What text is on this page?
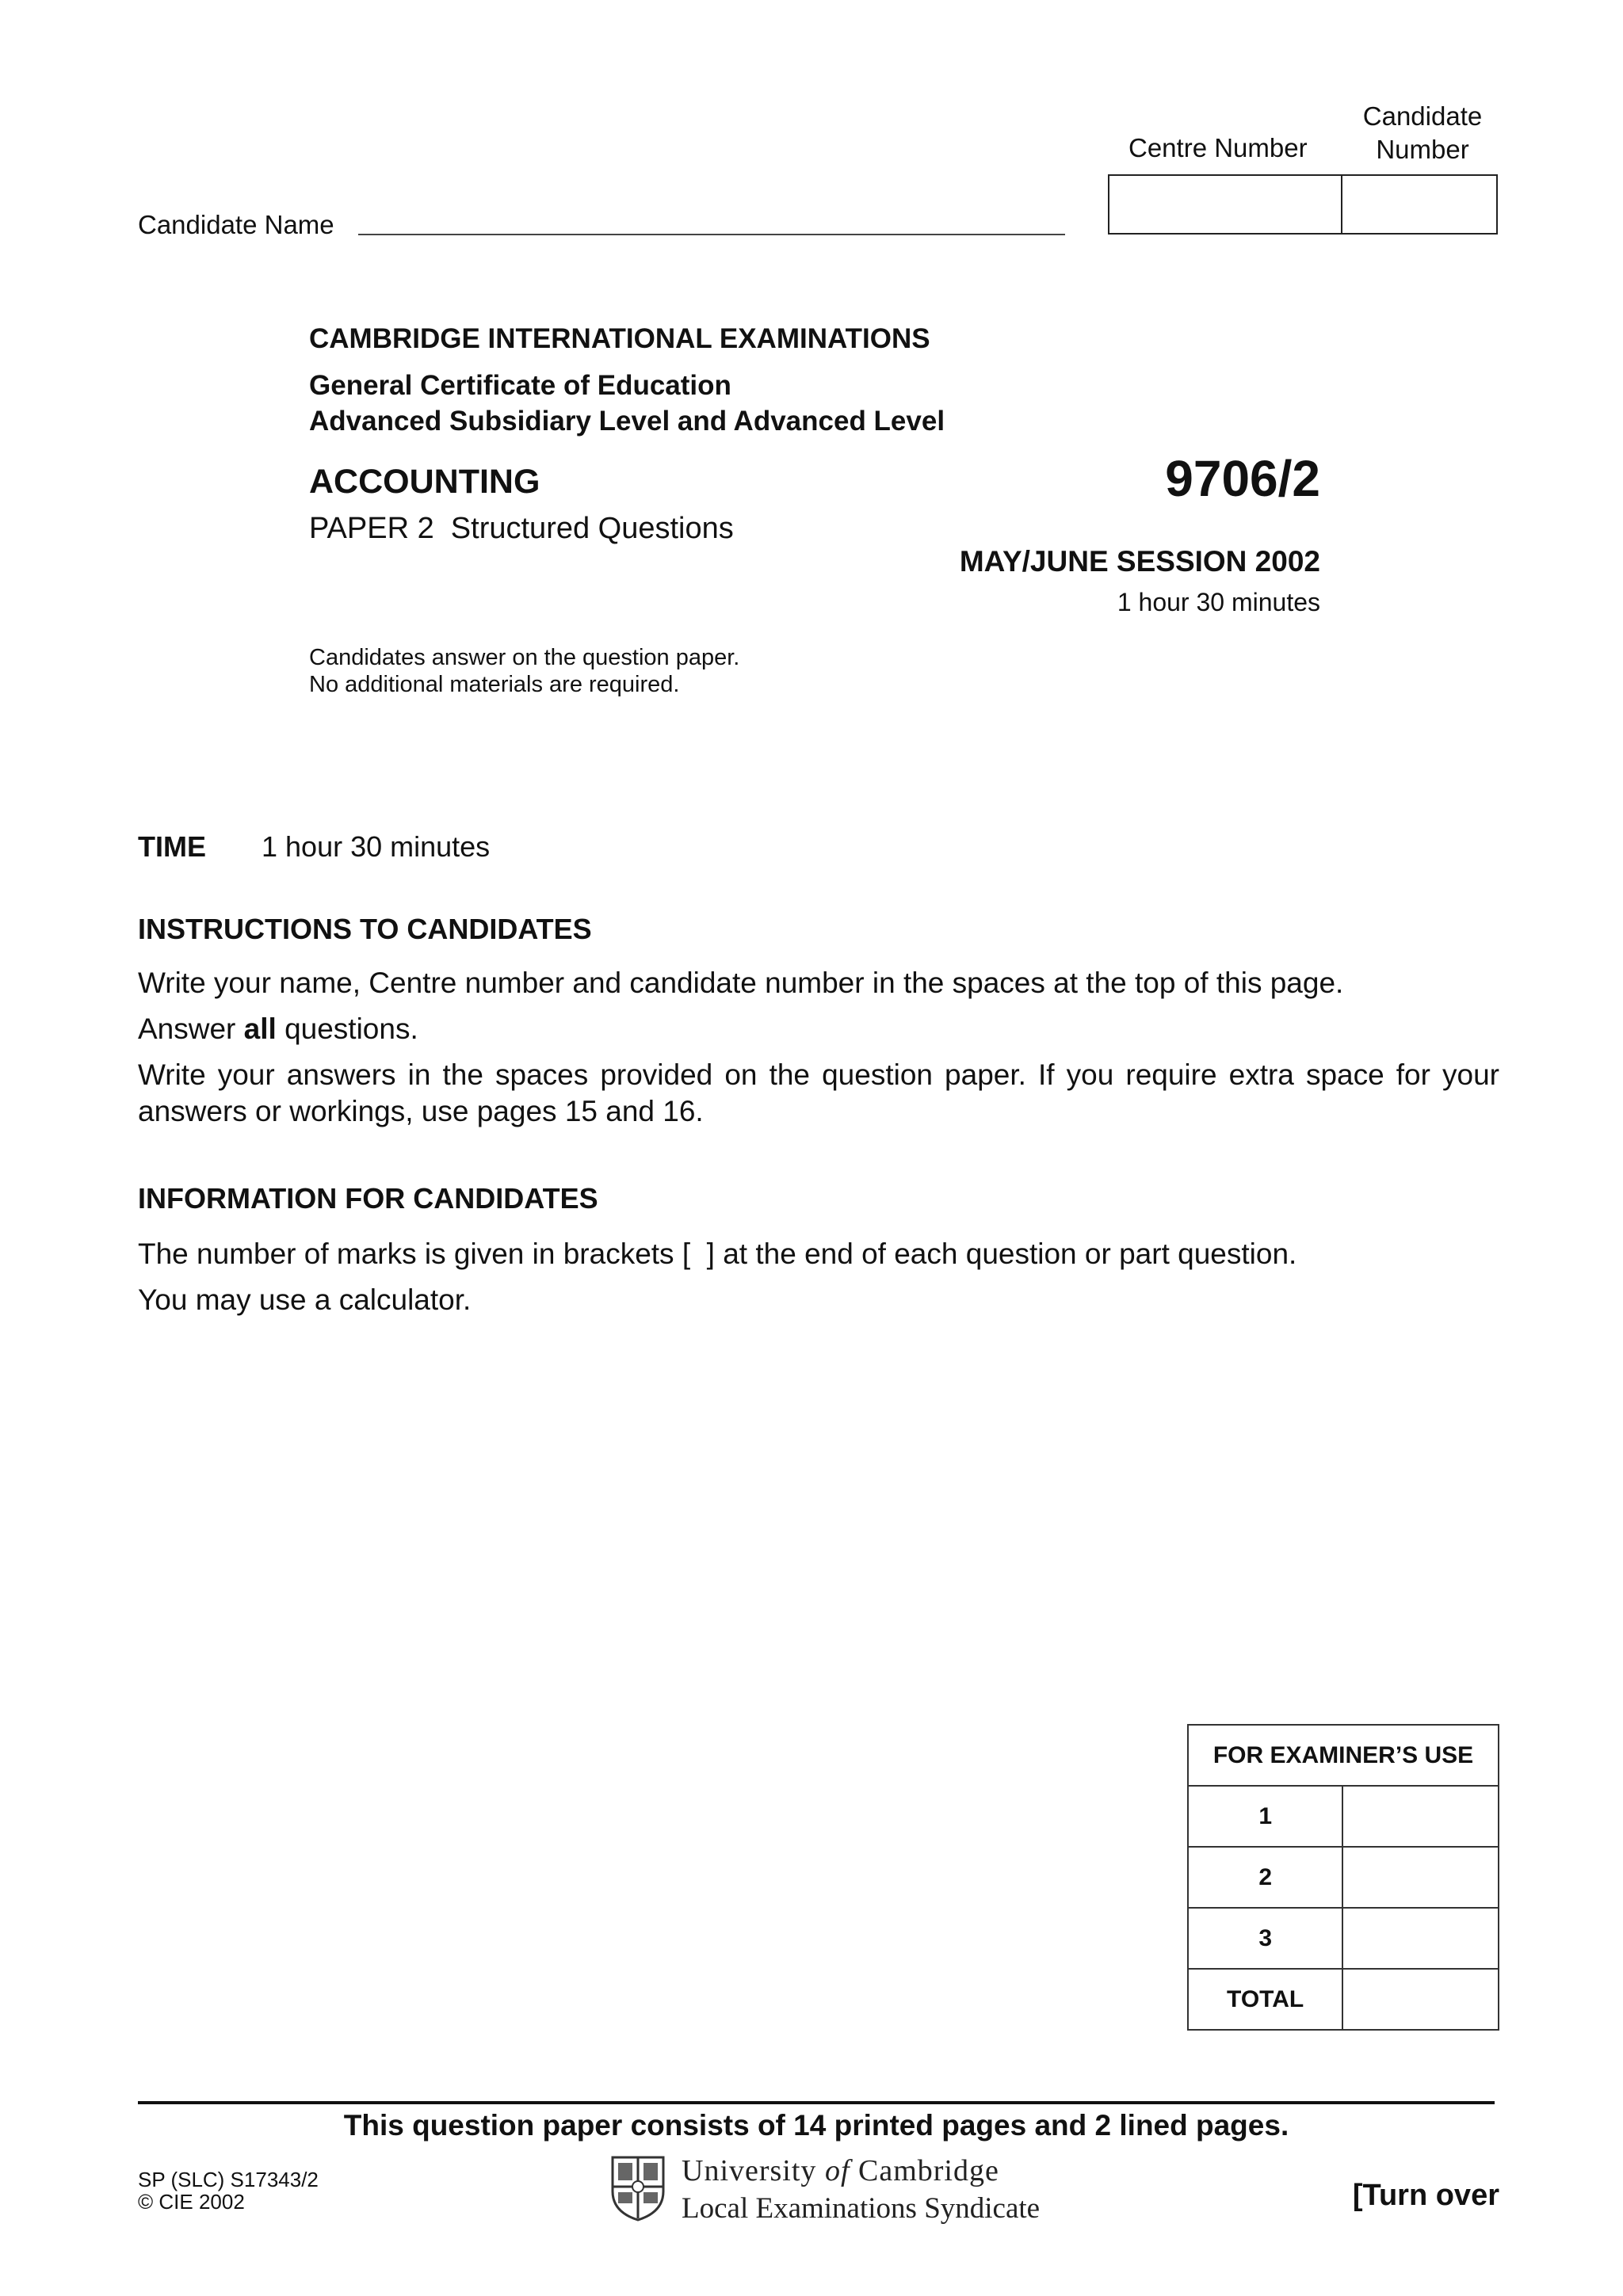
Centre Number
Candidate
Number
Candidate Name
CAMBRIDGE INTERNATIONAL EXAMINATIONS
General Certificate of Education
Advanced Subsidiary Level and Advanced Level
ACCOUNTING	9706/2
PAPER 2  Structured Questions
MAY/JUNE SESSION 2002
1 hour 30 minutes
Candidates answer on the question paper.
No additional materials are required.
TIME 1 hour 30 minutes
INSTRUCTIONS TO CANDIDATES
Write your name, Centre number and candidate number in the spaces at the top of this page.
Answer all questions.
Write your answers in the spaces provided on the question paper. If you require extra space for your
answers or workings, use pages 15 and 16.
INFORMATION FOR CANDIDATES
The number of marks is given in brackets [  ] at the end of each question or part question.
You may use a calculator.
FOR EXAMINER’S USE	
1	
2	
3	
TOTAL	
This question paper consists of 14 printed pages and 2 lined pages.
SP (SLC) S17343/2
© CIE 2002
University of Cambridge
Local Examinations Syndicate	[Turn over
